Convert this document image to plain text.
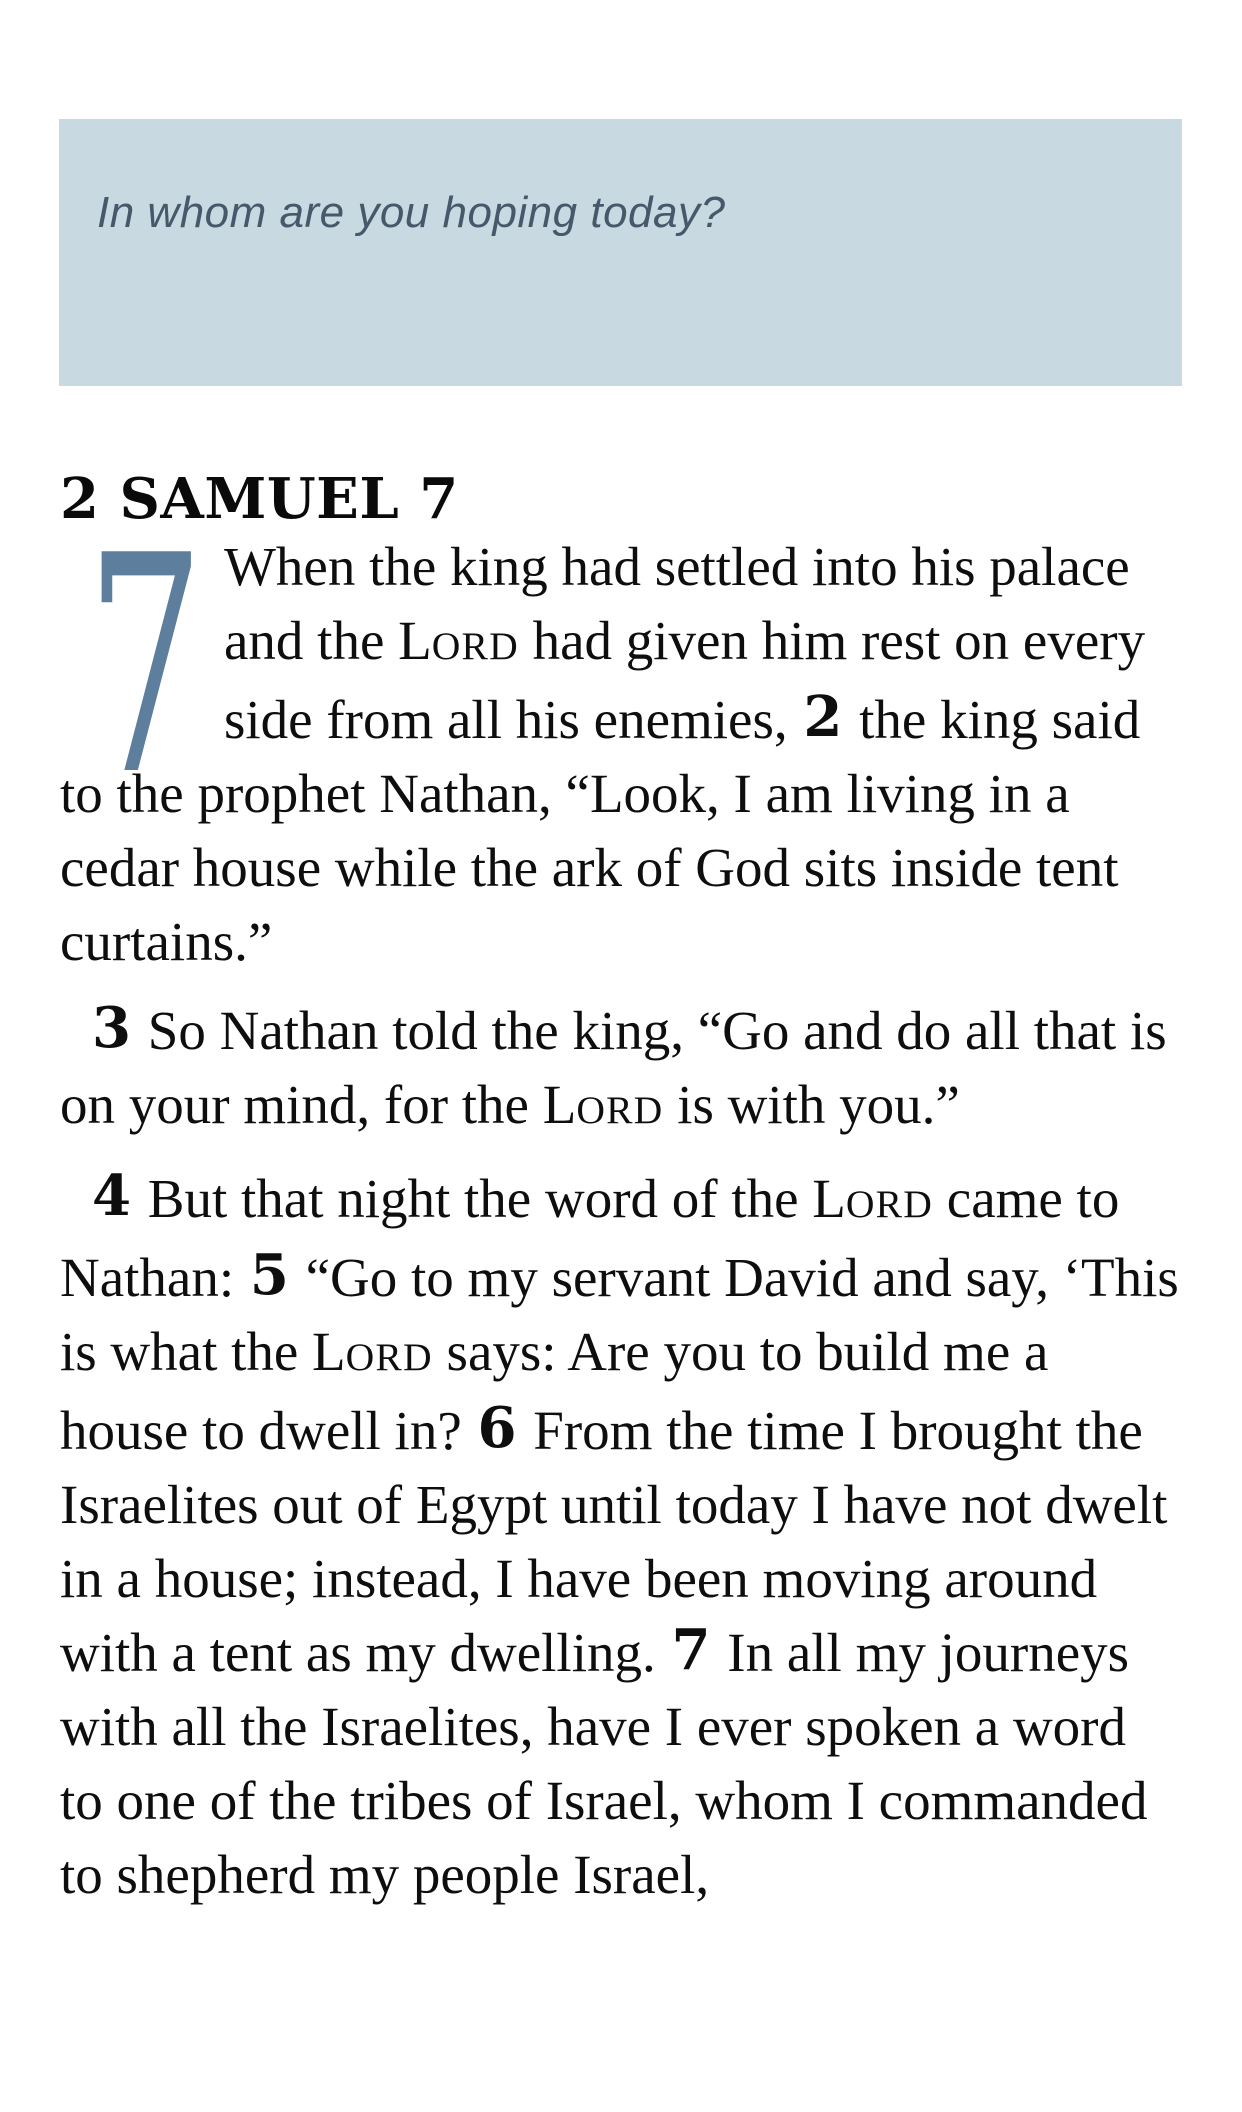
In whom are you hoping today?

2 SAMUEL 7

7 When the king had settled into his palace and the LORD had given him rest on every side from all his enemies, 2 the king said to the prophet Nathan, “Look, I am living in a cedar house while the ark of God sits inside tent curtains.”

3 So Nathan told the king, “Go and do all that is on your mind, for the LORD is with you.”

4 But that night the word of the LORD came to Nathan: 5 “Go to my servant David and say, ‘This is what the LORD says: Are you to build me a house to dwell in? 6 From the time I brought the Israelites out of Egypt until today I have not dwelt in a house; instead, I have been moving around with a tent as my dwelling. 7 In all my journeys with all the Israelites, have I ever spoken a word to one of the tribes of Israel, whom I commanded to shepherd my people Israel,
